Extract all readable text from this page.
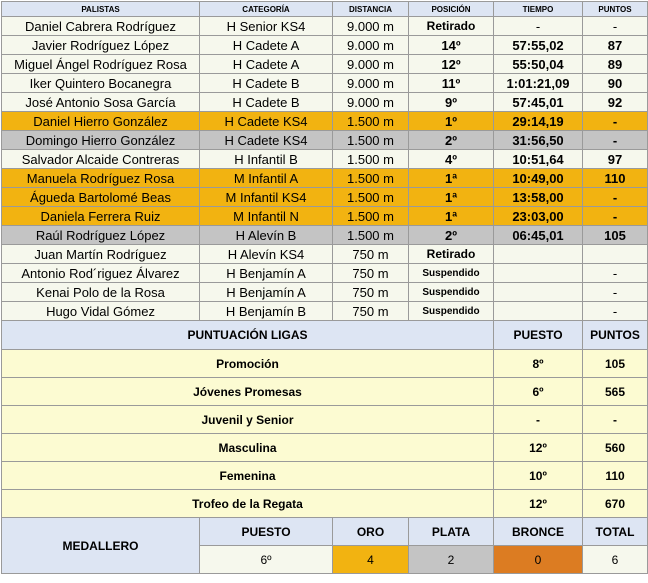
PALISTAS	CATEGORÍA	DISTANCIA	POSICIÓN	TIEMPO	PUNTOS
Daniel Cabrera Rodríguez	H Senior KS4	9.000 m	Retirado	-	-
Javier Rodríguez López	H Cadete A	9.000 m	14º	57:55,02	87
Miguel Ángel Rodríguez Rosa	H Cadete A	9.000 m	12º	55:50,04	89
Iker Quintero Bocanegra	H Cadete B	9.000 m	11º	1:01:21,09	90
José Antonio Sosa García	H Cadete B	9.000 m	9º	57:45,01	92
Daniel Hierro González	H Cadete KS4	1.500 m	1º	29:14,19	-
Domingo Hierro González	H Cadete KS4	1.500 m	2º	31:56,50	-
Salvador Alcaide Contreras	H Infantil B	1.500 m	4º	10:51,64	97
Manuela Rodríguez Rosa	M Infantil A	1.500 m	1ª	10:49,00	110
Águeda Bartolomé Beas	M Infantil KS4	1.500 m	1ª	13:58,00	-
Daniela Ferrera Ruiz	M Infantil N	1.500 m	1ª	23:03,00	-
Raúl Rodríguez López	H Alevín B	1.500 m	2º	06:45,01	105
Juan Martín Rodríguez	H Alevín KS4	750 m	Retirado		
Antonio Rod´riguez Álvarez	H Benjamín A	750 m	Suspendido		-
Kenai Polo de la Rosa	H Benjamín A	750 m	Suspendido		-
Hugo Vidal Gómez	H Benjamín B	750 m	Suspendido		-
PUNTUACIÓN LIGAS				PUESTO	PUNTOS
Promoción				8º	105
Jóvenes Promesas				6º	565
Juvenil y Senior				-	-
Masculina				12º	560
Femenina				10º	110
Trofeo de la Regata				12º	670
MEDALLERO	PUESTO	ORO	PLATA	BRONCE	TOTAL
	6º	4	2	0	6
